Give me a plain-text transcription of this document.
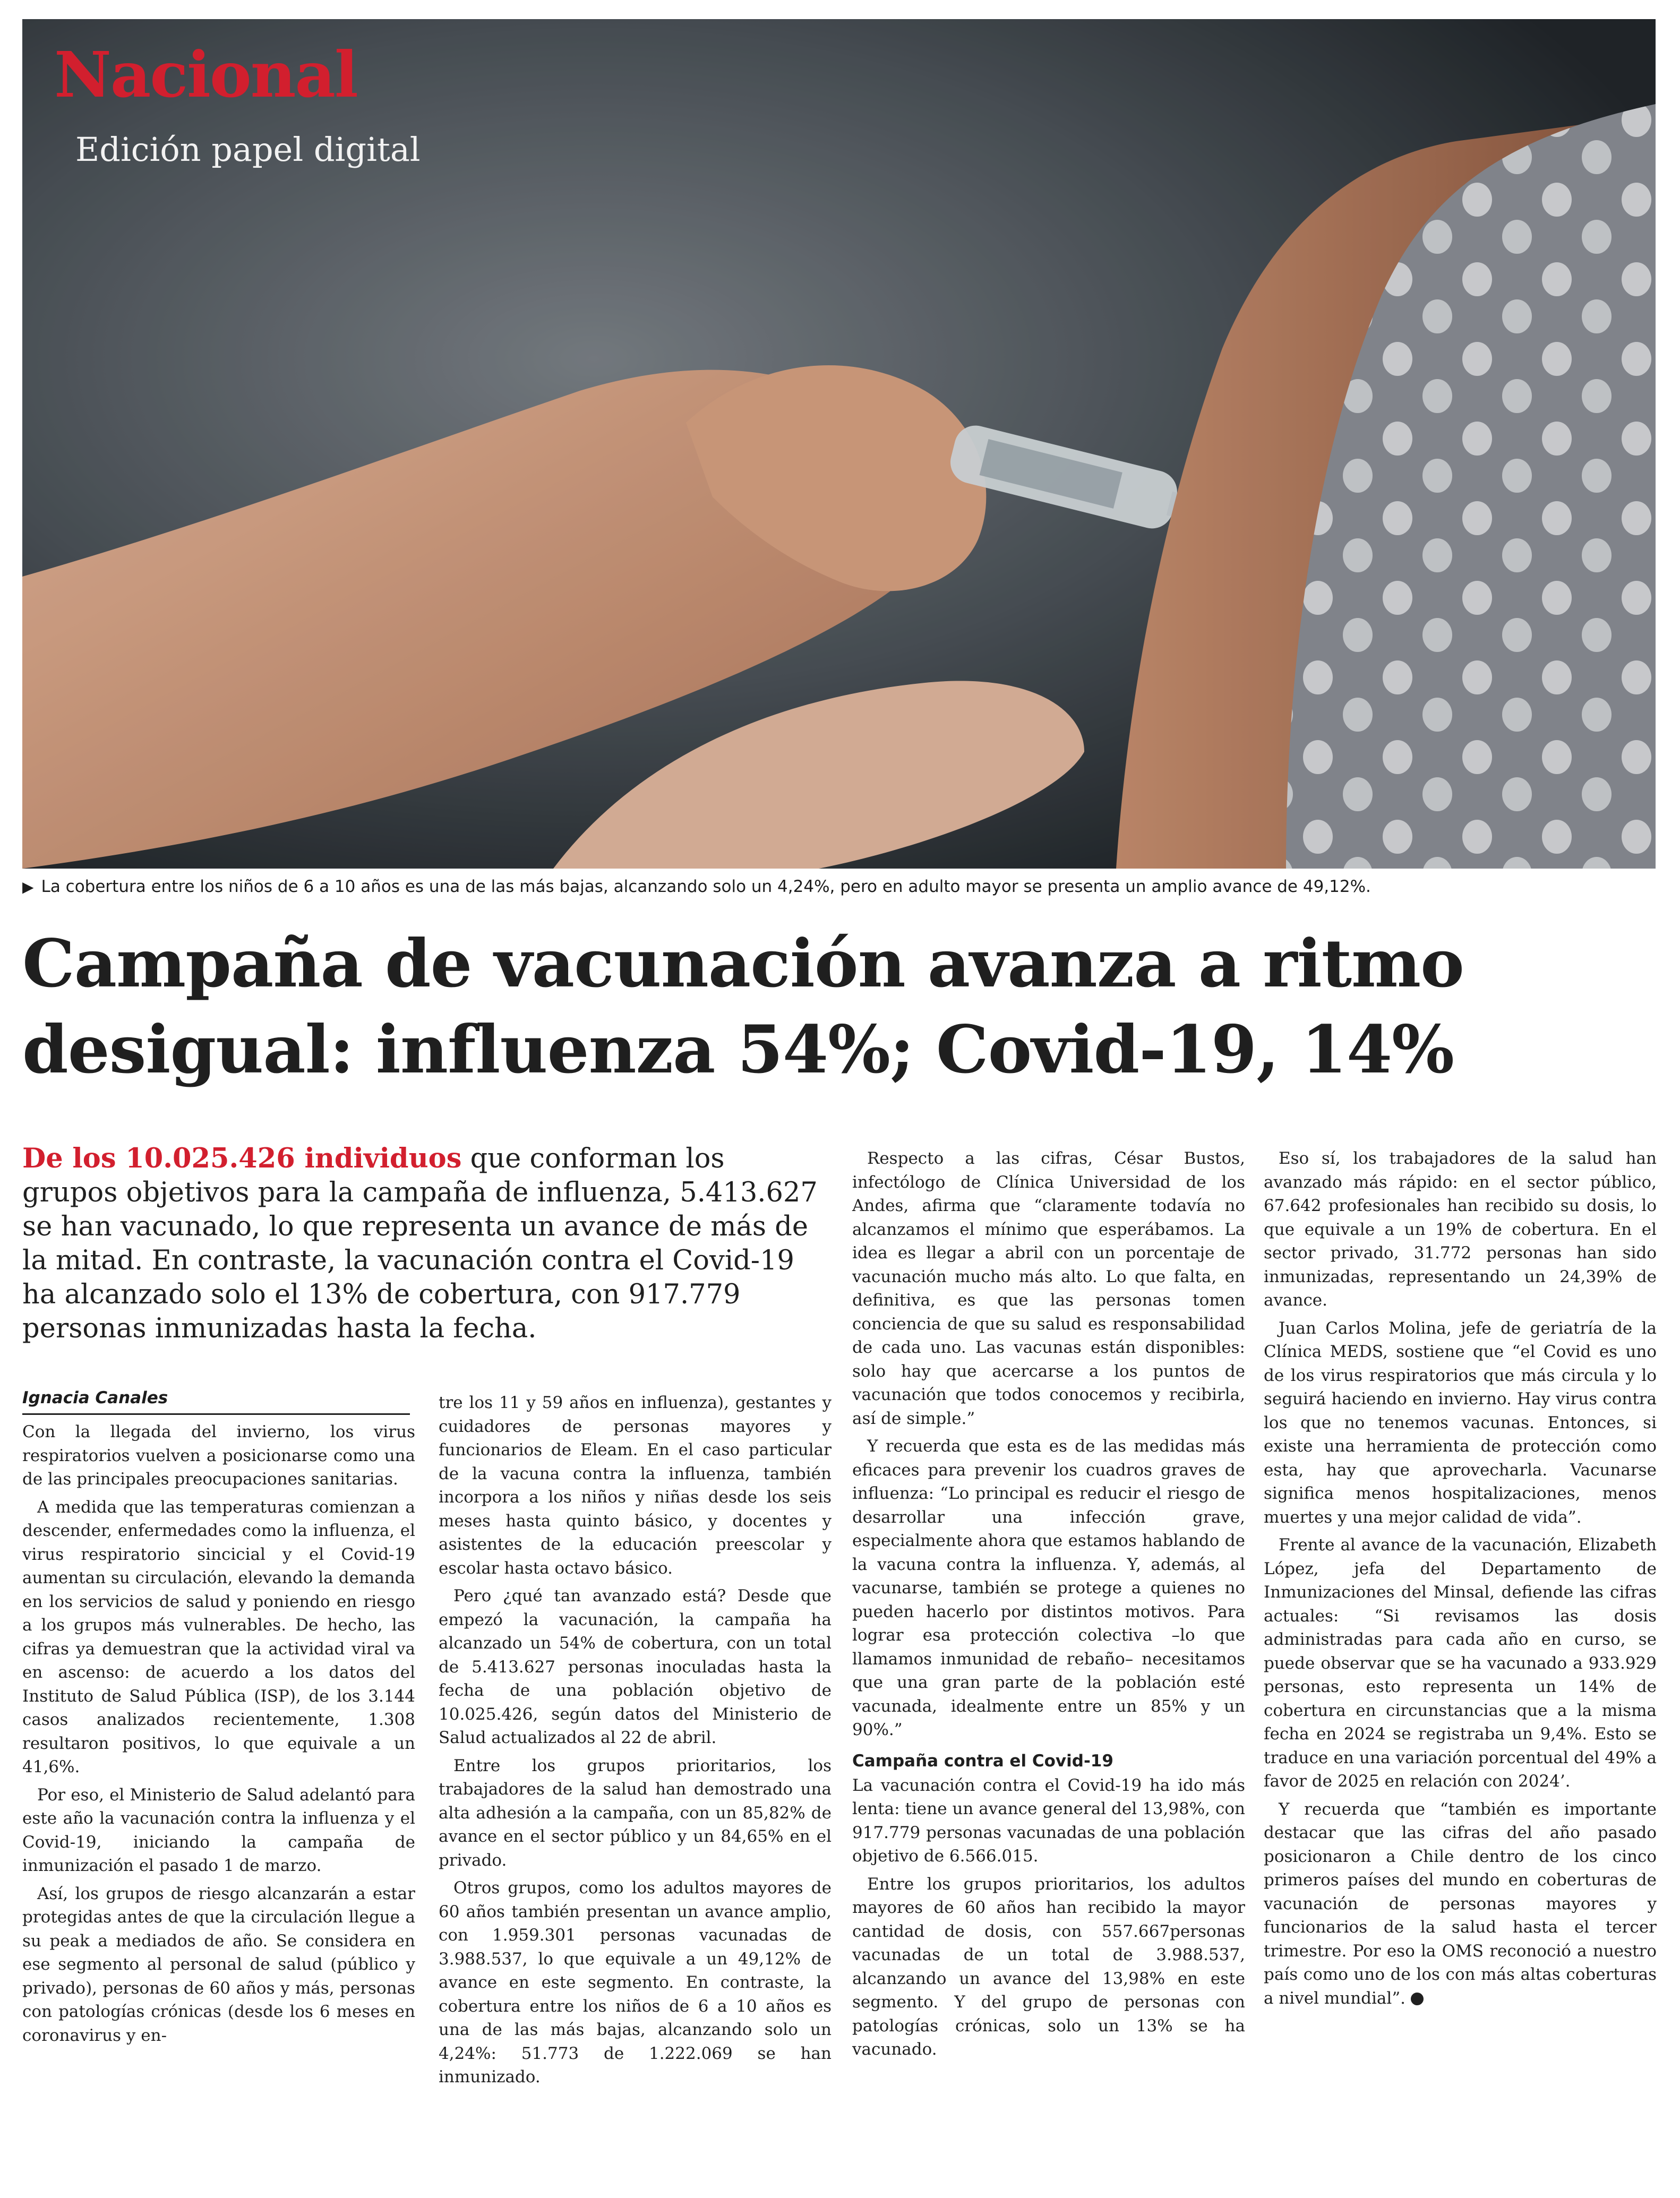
Nacional

Edición papel digital

▶ La cobertura entre los niños de 6 a 10 años es una de las más bajas, alcanzando solo un 4,24%, pero en adulto mayor se presenta un amplio avance de 49,12%.

Campaña de vacunación avanza a ritmo desigual: influenza 54%; Covid-19, 14%

De los 10.025.426 individuos que conforman los grupos objetivos para la campaña de influenza, 5.413.627 se han vacunado, lo que representa un avance de más de la mitad. En contraste, la vacunación contra el Covid-19 ha alcanzado solo el 13% de cobertura, con 917.779 personas inmunizadas hasta la fecha.

Ignacia Canales

Con la llegada del invierno, los virus respiratorios vuelven a posicionarse como una de las principales preocupaciones sanitarias.

A medida que las temperaturas comienzan a descender, enfermedades como la influenza, el virus respiratorio sincicial y el Covid-19 aumentan su circulación, elevando la demanda en los servicios de salud y poniendo en riesgo a los grupos más vulnerables. De hecho, las cifras ya demuestran que la actividad viral va en ascenso: de acuerdo a los datos del Instituto de Salud Pública (ISP), de los 3.144 casos analizados recientemente, 1.308 resultaron positivos, lo que equivale a un 41,6%.

Por eso, el Ministerio de Salud adelantó para este año la vacunación contra la influenza y el Covid-19, iniciando la campaña de inmunización el pasado 1 de marzo.

Así, los grupos de riesgo alcanzarán a estar protegidas antes de que la circulación llegue a su peak a mediados de año. Se considera en ese segmento al personal de salud (público y privado), personas de 60 años y más, personas con patologías crónicas (desde los 6 meses en coronavirus y en-

tre los 11 y 59 años en influenza), gestantes y cuidadores de personas mayores y funcionarios de Eleam. En el caso particular de la vacuna contra la influenza, también incorpora a los niños y niñas desde los seis meses hasta quinto básico, y docentes y asistentes de la educación preescolar y escolar hasta octavo básico.

Pero ¿qué tan avanzado está? Desde que empezó la vacunación, la campaña ha alcanzado un 54% de cobertura, con un total de 5.413.627 personas inoculadas hasta la fecha de una población objetivo de 10.025.426, según datos del Ministerio de Salud actualizados al 22 de abril.

Entre los grupos prioritarios, los trabajadores de la salud han demostrado una alta adhesión a la campaña, con un 85,82% de avance en el sector público y un 84,65% en el privado.

Otros grupos, como los adultos mayores de 60 años también presentan un avance amplio, con 1.959.301 personas vacunadas de 3.988.537, lo que equivale a un 49,12% de avance en este segmento. En contraste, la cobertura entre los niños de 6 a 10 años es una de las más bajas, alcanzando solo un 4,24%: 51.773 de 1.222.069 se han inmunizado.

Respecto a las cifras, César Bustos, infectólogo de Clínica Universidad de los Andes, afirma que “claramente todavía no alcanzamos el mínimo que esperábamos. La idea es llegar a abril con un porcentaje de vacunación mucho más alto. Lo que falta, en definitiva, es que las personas tomen conciencia de que su salud es responsabilidad de cada uno. Las vacunas están disponibles: solo hay que acercarse a los puntos de vacunación que todos conocemos y recibirla, así de simple.”

Y recuerda que esta es de las medidas más eficaces para prevenir los cuadros graves de influenza: “Lo principal es reducir el riesgo de desarrollar una infección grave, especialmente ahora que estamos hablando de la vacuna contra la influenza. Y, además, al vacunarse, también se protege a quienes no pueden hacerlo por distintos motivos. Para lograr esa protección colectiva –lo que llamamos inmunidad de rebaño– necesitamos que una gran parte de la población esté vacunada, idealmente entre un 85% y un 90%.”

Campaña contra el Covid-19

La vacunación contra el Covid-19 ha ido más lenta: tiene un avance general del 13,98%, con 917.779 personas vacunadas de una población objetivo de 6.566.015.

Entre los grupos prioritarios, los adultos mayores de 60 años han recibido la mayor cantidad de dosis, con 557.667personas vacunadas de un total de 3.988.537, alcanzando un avance del 13,98% en este segmento. Y del grupo de personas con patologías crónicas, solo un 13% se ha vacunado.

Eso sí, los trabajadores de la salud han avanzado más rápido: en el sector público, 67.642 profesionales han recibido su dosis, lo que equivale a un 19% de cobertura. En el sector privado, 31.772 personas han sido inmunizadas, representando un 24,39% de avance.

Juan Carlos Molina, jefe de geriatría de la Clínica MEDS, sostiene que “el Covid es uno de los virus respiratorios que más circula y lo seguirá haciendo en invierno. Hay virus contra los que no tenemos vacunas. Entonces, si existe una herramienta de protección como esta, hay que aprovecharla. Vacunarse significa menos hospitalizaciones, menos muertes y una mejor calidad de vida”.

Frente al avance de la vacunación, Elizabeth López, jefa del Departamento de Inmunizaciones del Minsal, defiende las cifras actuales: “Si revisamos las dosis administradas para cada año en curso, se puede observar que se ha vacunado a 933.929 personas, esto representa un 14% de cobertura en circunstancias que a la misma fecha en 2024 se registraba un 9,4%. Esto se traduce en una variación porcentual del 49% a favor de 2025 en relación con 2024’.

Y recuerda que “también es importante destacar que las cifras del año pasado posicionaron a Chile dentro de los cinco primeros países del mundo en coberturas de vacunación de personas mayores y funcionarios de la salud hasta el tercer trimestre. Por eso la OMS reconoció a nuestro país como uno de los con más altas coberturas a nivel mundial”.
